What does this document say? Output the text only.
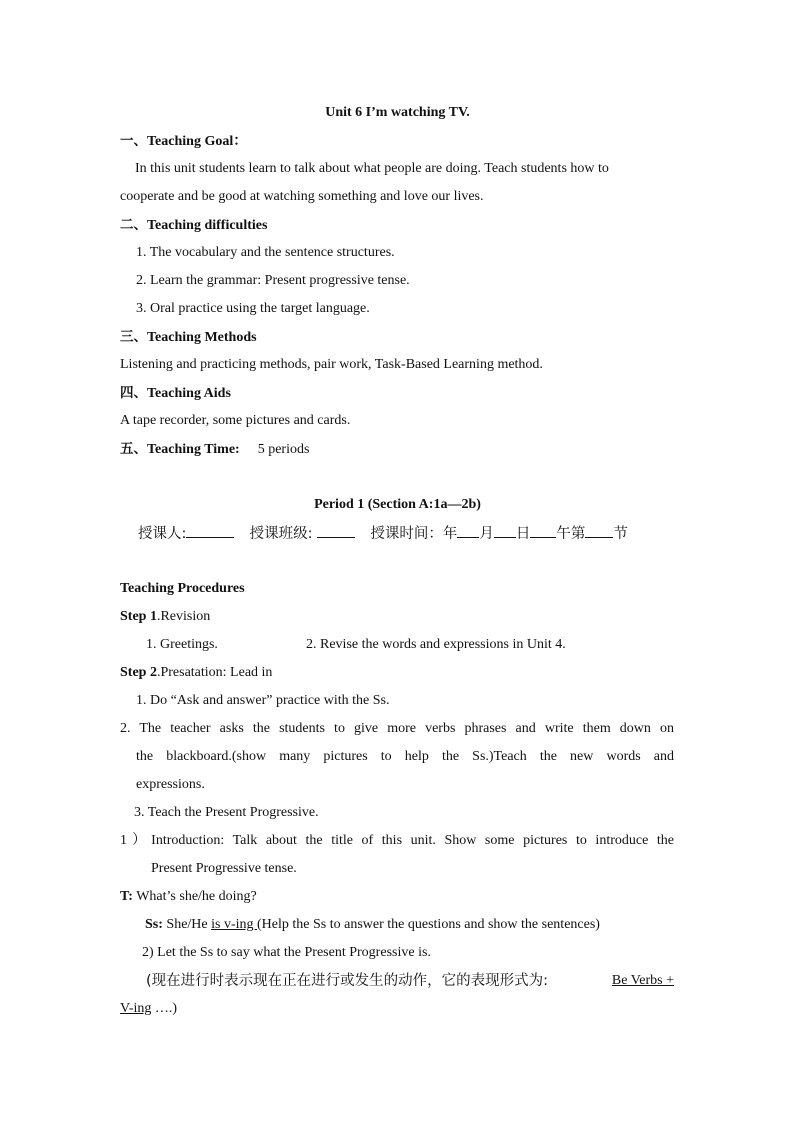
Unit 6 I’m watching TV.
一、Teaching Goal：
In this unit students learn to talk about what people are doing. Teach students how to
cooperate and be good at watching something and love our lives.
二、Teaching difficulties
1. The vocabulary and the sentence structures.
2. Learn the grammar: Present progressive tense.
3. Oral practice using the target language.
三、Teaching Methods
Listening and practicing methods, pair work, Task-Based Learning method.
四、Teaching Aids
A tape recorder, some pictures and cards.
五、Teaching Time: 5 periods
Period 1 (Section A:1a—2b)
授课人:	授课班级:	授课时间：年 月 日 午第 节
Teaching Procedures
Step 1.Revision
1. Greetings.	2. Revise the words and expressions in Unit 4.
Step 2.Presatation: Lead in
1. Do “Ask and answer” practice with the Ss.
2. The teacher asks the students to give more verbs phrases and write them down on
the blackboard.(show many pictures to help the Ss.)Teach the new words and
expressions.
3. Teach the Present Progressive.
1）Introduction: Talk about the title of this unit. Show some pictures to introduce the
Present Progressive tense.
T: What’s she/he doing?
Ss: She/He is v-ing (Help the Ss to answer the questions and show the sentences)
2) Let the Ss to say what the Present Progressive is.
(现在进行时表示现在正在进行或发生的动作，它的表现形式为:	Be Verbs +
V-ing ….)
